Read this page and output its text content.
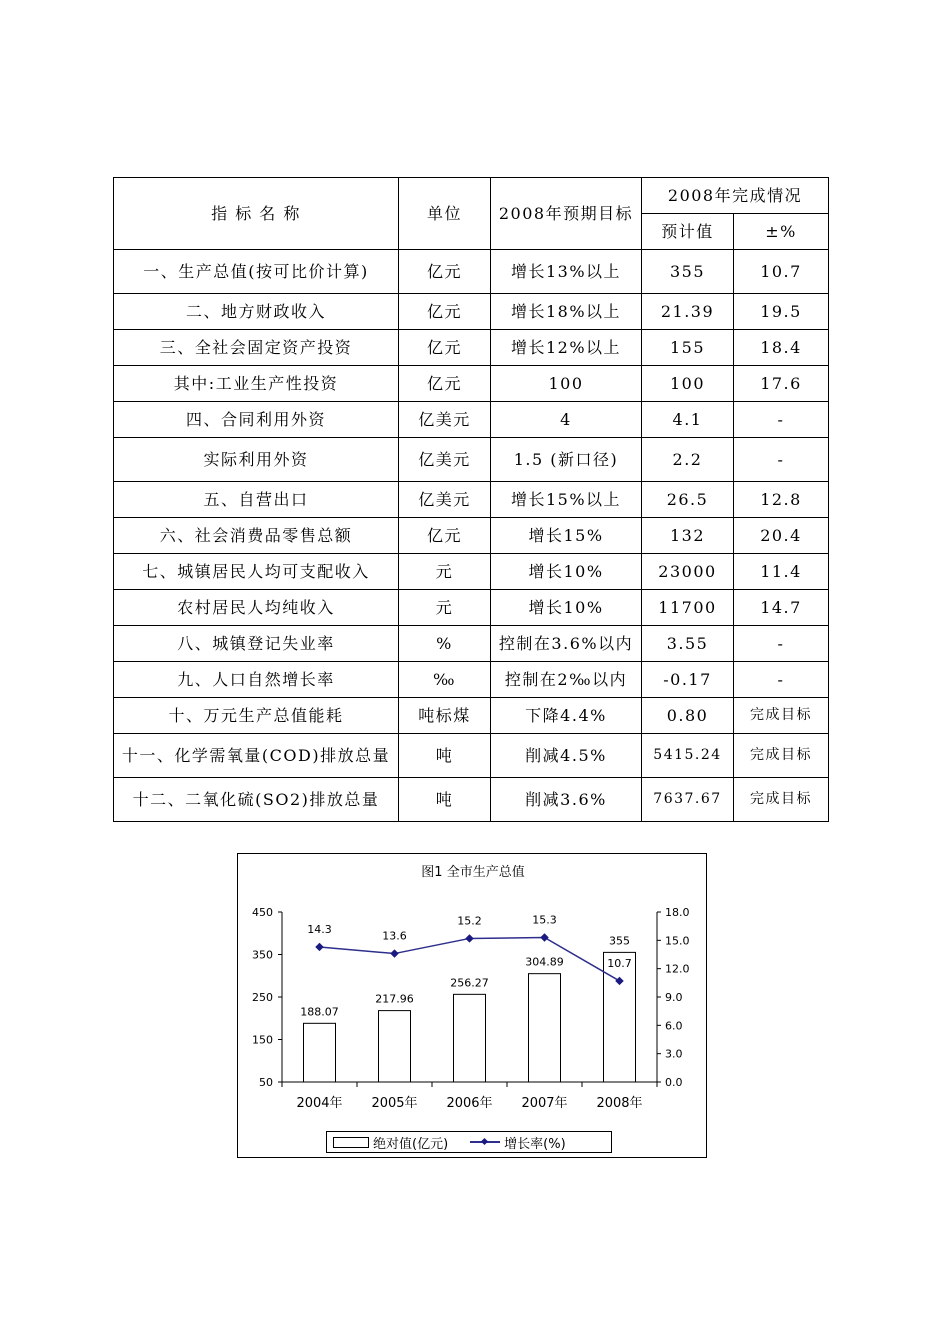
指 标 名 称	单位	2008年预期目标	2008年完成情况	
			预计值	±%
一、生产总值(按可比价计算)	亿元	增长13%以上	355	10.7
二、地方财政收入	亿元	增长18%以上	21.39	19.5
三、全社会固定资产投资	亿元	增长12%以上	155	18.4
其中:工业生产性投资	亿元	100	100	17.6
四、合同利用外资	亿美元	4	4.1	-
实际利用外资	亿美元	1.5 (新口径)	2.2	-
五、自营出口	亿美元	增长15%以上	26.5	12.8
六、社会消费品零售总额	亿元	增长15%	132	20.4
七、城镇居民人均可支配收入	元	增长10%	23000	11.4
农村居民人均纯收入	元	增长10%	11700	14.7
八、城镇登记失业率	%	控制在3.6%以内	3.55	-
九、人口自然增长率	‰	控制在2‰以内	-0.17	-
十、万元生产总值能耗	吨标煤	下降4.4%	0.80	完成目标
十一、化学需氧量(COD)排放总量	吨	削减4.5%	5415.24	完成目标
十二、二氧化硫(SO2)排放总量	吨	削减3.6%	7637.67	完成目标
图1 全市生产总值
450
350
250
150
50
18.0
15.0
12.0
9.0
6.0
3.0
0.0
188.07
217.96
256.27
304.89
355
2004年 2005年 2006年 2007年 2008年
14.3
13.6
15.2	15.3
10.7
绝对值(亿元)	增长率(%)
